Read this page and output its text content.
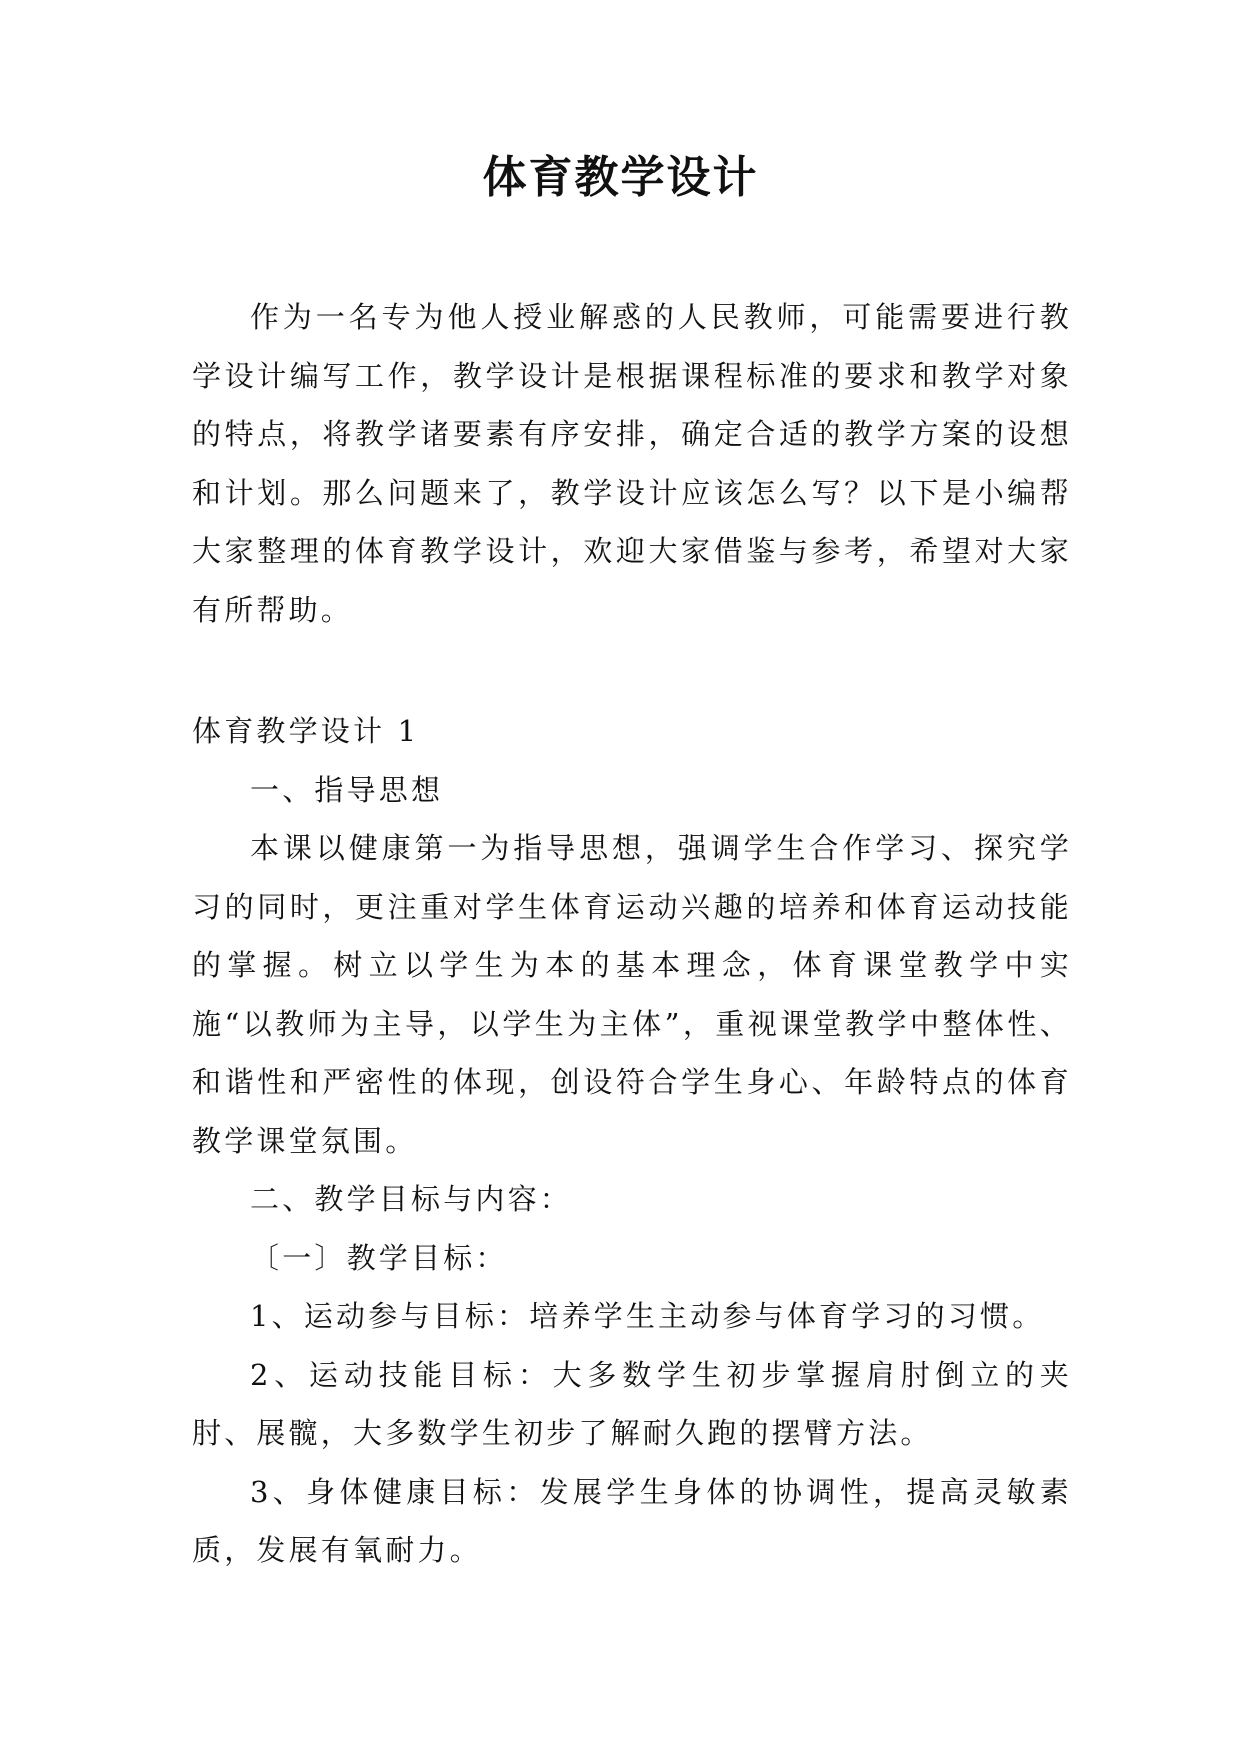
体育教学设计

作为一名专为他人授业解惑的人民教师，可能需要进行教学设计编写工作，教学设计是根据课程标准的要求和教学对象的特点，将教学诸要素有序安排，确定合适的教学方案的设想和计划。那么问题来了，教学设计应该怎么写？以下是小编帮大家整理的体育教学设计，欢迎大家借鉴与参考，希望对大家有所帮助。

体育教学设计 1

一、指导思想

本课以健康第一为指导思想，强调学生合作学习、探究学习的同时，更注重对学生体育运动兴趣的培养和体育运动技能的掌握。树立以学生为本的基本理念，体育课堂教学中实施“以教师为主导，以学生为主体”，重视课堂教学中整体性、和谐性和严密性的体现，创设符合学生身心、年龄特点的体育教学课堂氛围。

二、教学目标与内容：

〔一〕教学目标：

1、运动参与目标：培养学生主动参与体育学习的习惯。

2、运动技能目标：大多数学生初步掌握肩肘倒立的夹肘、展髋，大多数学生初步了解耐久跑的摆臂方法。

3、身体健康目标：发展学生身体的协调性，提高灵敏素质，发展有氧耐力。
